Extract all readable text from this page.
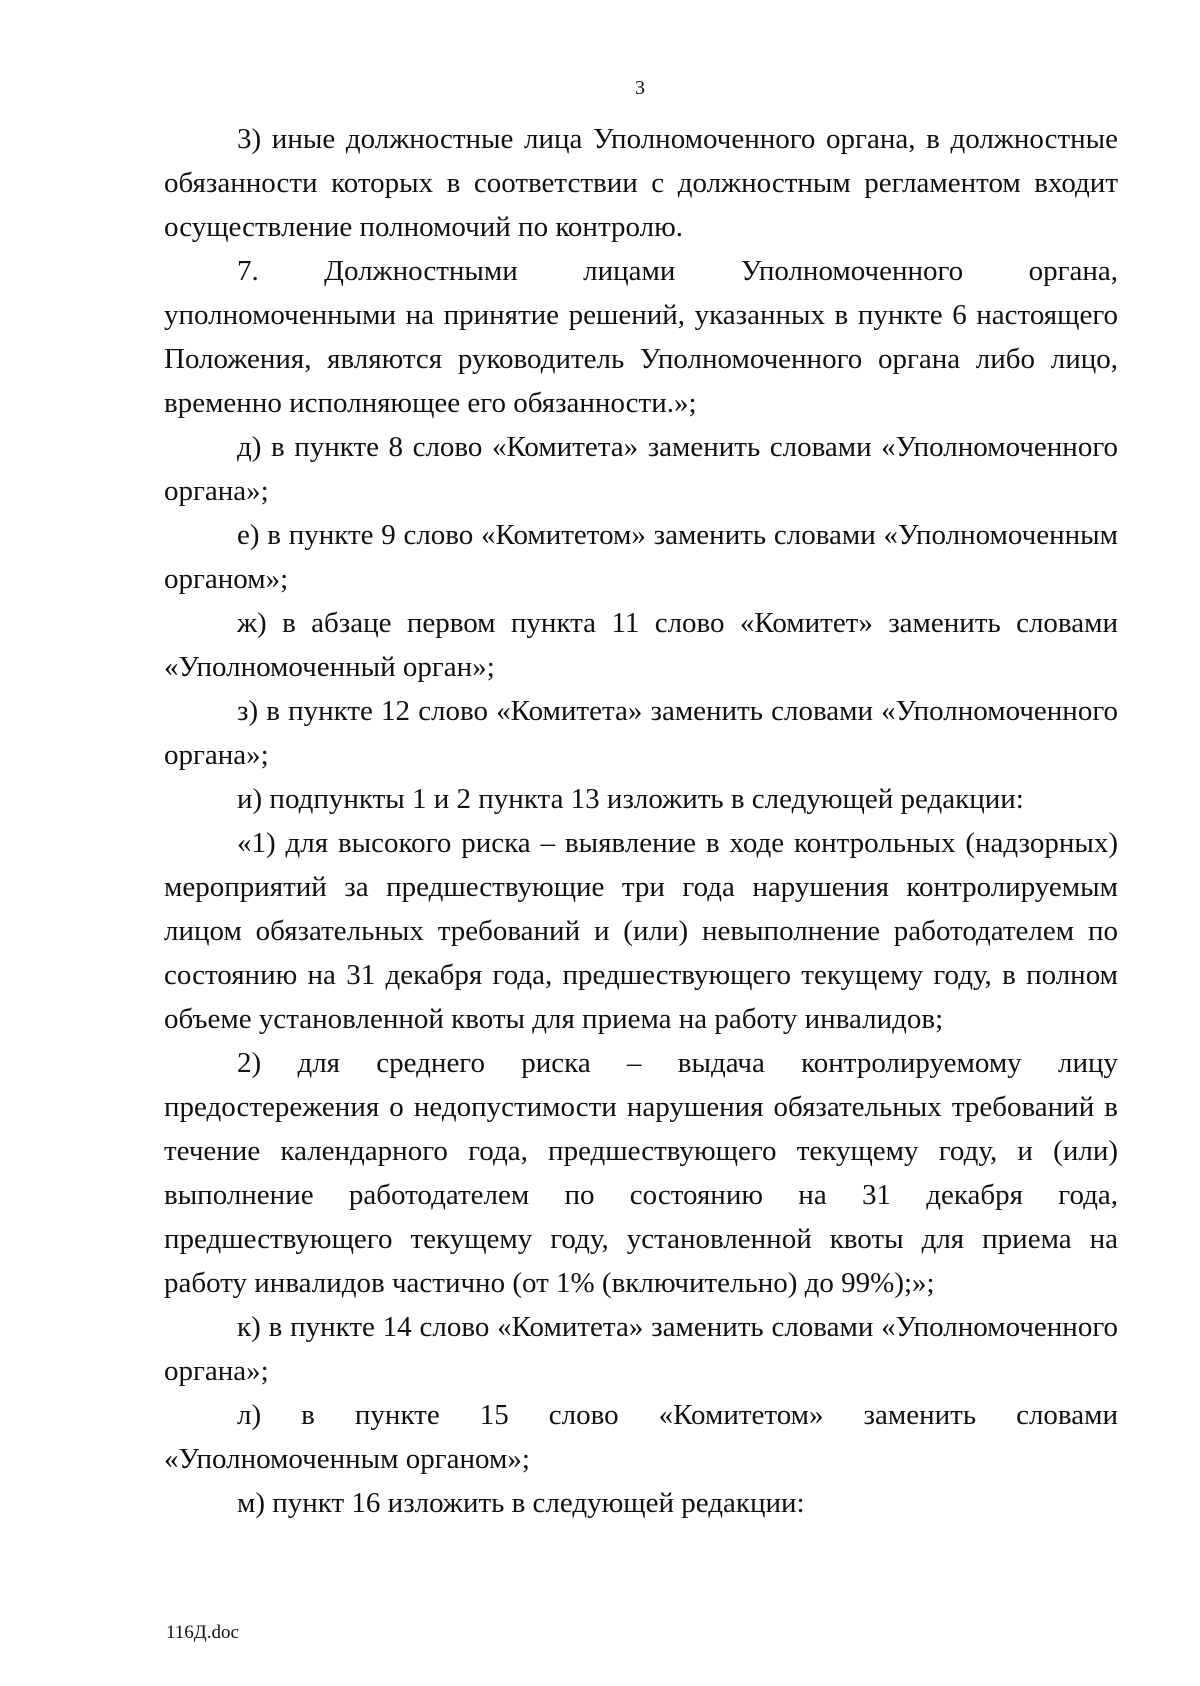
3

3) иные должностные лица Уполномоченного органа, в должностные обязанности которых в соответствии с должностным регламентом входит осуществление полномочий по контролю.

7. Должностными лицами Уполномоченного органа, уполномоченными на принятие решений, указанных в пункте 6 настоящего Положения, являются руководитель Уполномоченного органа либо лицо, временно исполняющее его обязанности.»;

д) в пункте 8 слово «Комитета» заменить словами «Уполномоченного органа»;

е) в пункте 9 слово «Комитетом» заменить словами «Уполномоченным органом»;

ж) в абзаце первом пункта 11 слово «Комитет» заменить словами «Уполномоченный орган»;

з) в пункте 12 слово «Комитета» заменить словами «Уполномоченного органа»;

и) подпункты 1 и 2 пункта 13 изложить в следующей редакции:

«1) для высокого риска – выявление в ходе контрольных (надзорных) мероприятий за предшествующие три года нарушения контролируемым лицом обязательных требований и (или) невыполнение работодателем по состоянию на 31 декабря года, предшествующего текущему году, в полном объеме установленной квоты для приема на работу инвалидов;

2) для среднего риска – выдача контролируемому лицу предостережения о недопустимости нарушения обязательных требований в течение календарного года, предшествующего текущему году, и (или) выполнение работодателем по состоянию на 31 декабря года, предшествующего текущему году, установленной квоты для приема на работу инвалидов частично (от 1% (включительно) до 99%);»;

к) в пункте 14 слово «Комитета» заменить словами «Уполномоченного органа»;

л) в пункте 15 слово «Комитетом» заменить словами «Уполномоченным органом»;

м) пункт 16 изложить в следующей редакции:

116Д.doc
